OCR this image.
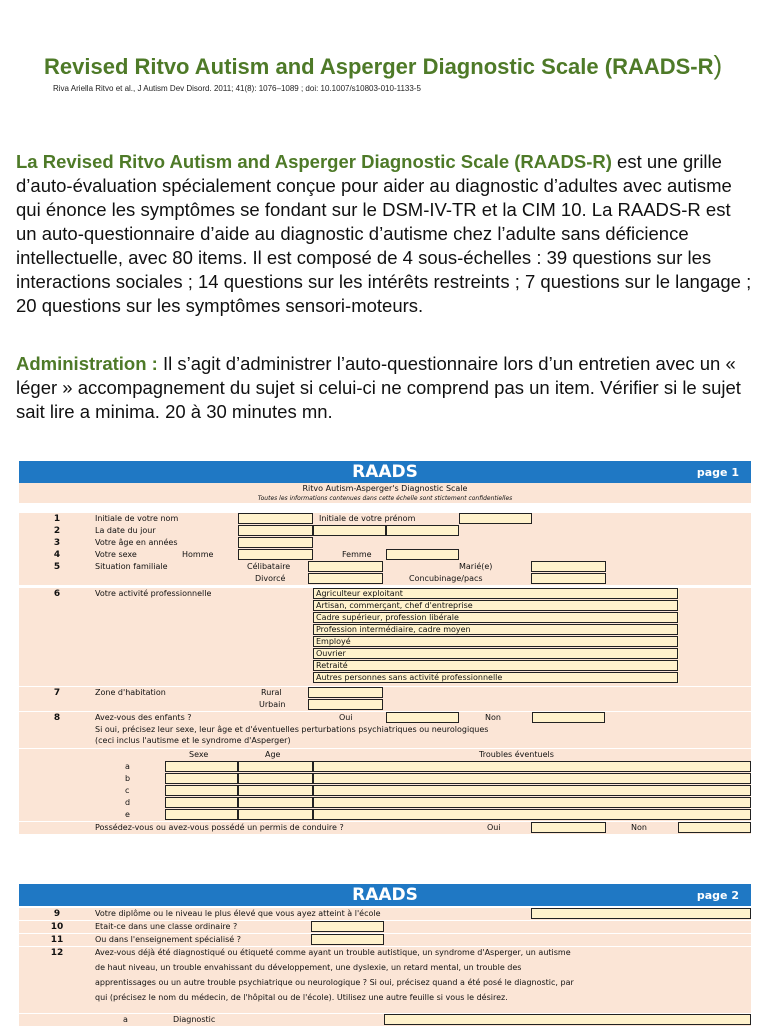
Revised Ritvo Autism and Asperger Diagnostic Scale (RAADS-R)
Riva Ariella Ritvo et al., J Autism Dev Disord. 2011; 41(8): 1076–1089 ; doi: 10.1007/s10803-010-1133-5

La Revised Ritvo Autism and Asperger Diagnostic Scale (RAADS-R) est une grille d’auto-évaluation spécialement conçue pour aider au diagnostic d’adultes avec autisme qui énonce les symptômes se fondant sur le DSM-IV-TR et la CIM 10. La RAADS-R est un auto-questionnaire d’aide au diagnostic d’autisme chez l’adulte sans déficience intellectuelle, avec 80 items. Il est composé de 4 sous-échelles : 39 questions sur les interactions sociales ; 14 questions sur les intérêts restreints ; 7 questions sur le langage ; 20 questions sur les symptômes sensori-moteurs.

Administration : Il s’agit d’administrer l’auto-questionnaire lors d’un entretien avec un « léger » accompagnement du sujet si celui-ci ne comprend pas un item. Vérifier si le sujet sait lire a minima. 20 à 30 minutes mn.

RAADS	page 1
Ritvo Autism-Asperger's Diagnostic Scale
Toutes les informations contenues dans cette échelle sont stictement confidentielles
1	Initiale de votre nom	Initiale de votre prénom
2	La date du jour
3	Votre âge en années
4	Votre sexe	Homme	Femme
5	Situation familiale	Célibataire	Marié(e)
Divorcé	Concubinage/pacs
6	Votre activité professionnelle	Agriculteur exploitant
Artisan, commerçant, chef d'entreprise
Cadre supérieur, profession libérale
Profession intermédiaire, cadre moyen
Employé
Ouvrier
Retraité
Autres personnes sans activité professionnelle
7	Zone d'habitation	Rural
Urbain
8	Avez-vous des enfants ?	Oui	Non
Si oui, précisez leur sexe, leur âge et d'éventuelles perturbations psychiatriques ou neurologiques
(ceci inclus l'autisme et le syndrome d'Asperger)
Sexe	Age	Troubles éventuels
a
b
c
d
e
Possédez-vous ou avez-vous possédé un permis de conduire ?	Oui	Non
RAADS	page 2
9	Votre diplôme ou le niveau le plus élevé que vous ayez atteint à l'école
10	Etait-ce dans une classe ordinaire ?
11	Ou dans l'enseignement spécialisé ?
12	Avez-vous déjà été diagnostiqué ou étiqueté comme ayant un trouble autistique, un syndrome d'Asperger, un autisme
de haut niveau, un trouble envahissant du développement, une dyslexie, un retard mental, un trouble des
apprentissages ou un autre trouble psychiatrique ou neurologique ? Si oui, précisez quand a été posé le diagnostic, par
qui (précisez le nom du médecin, de l'hôpital ou de l'école). Utilisez une autre feuille si vous le désirez.
a	Diagnostic
